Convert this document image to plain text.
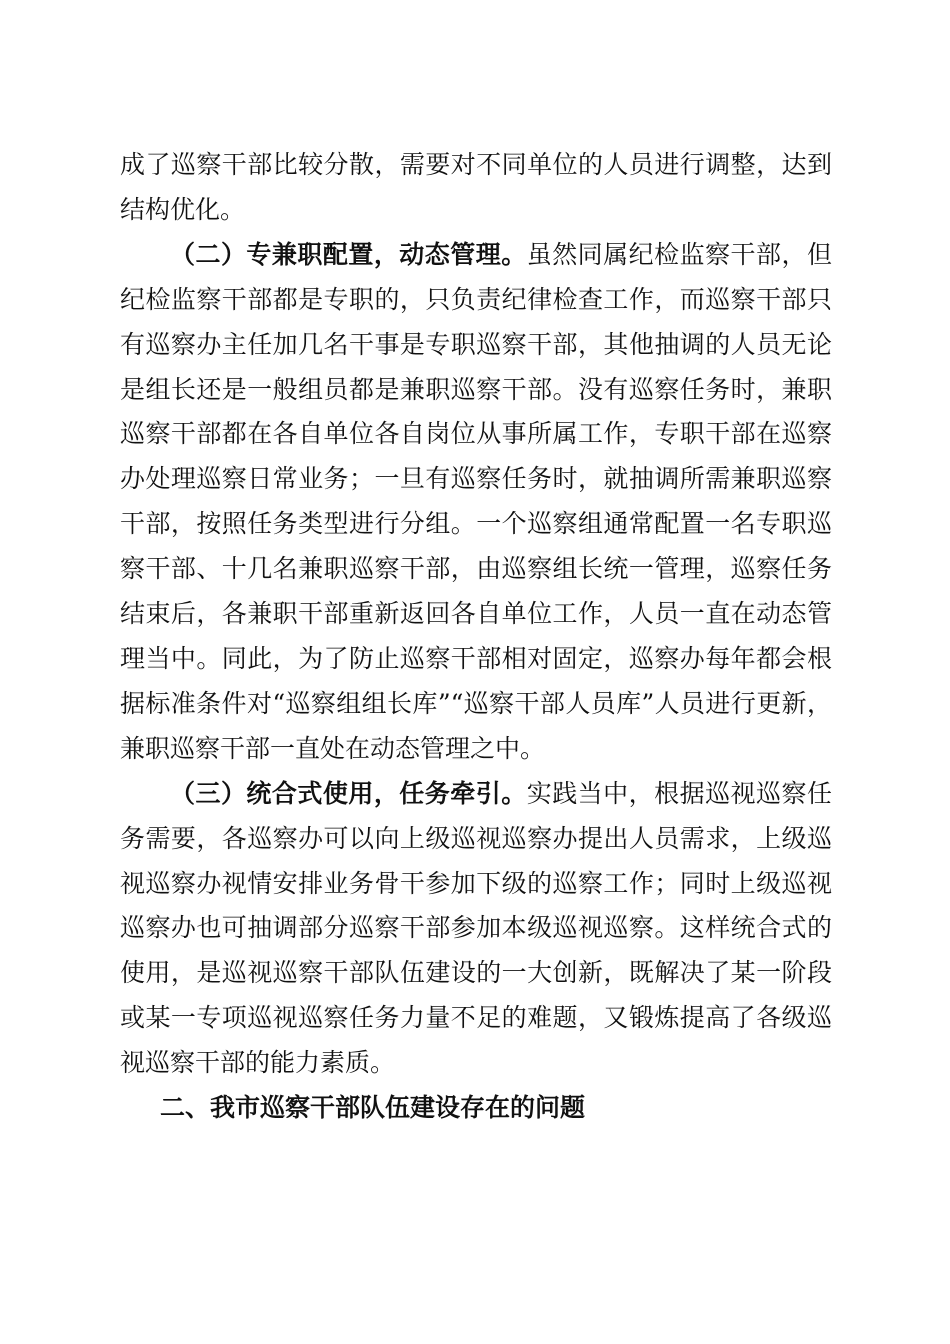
成了巡察干部比较分散，需要对不同单位的人员进行调整，达到结构优化。

（二）专兼职配置，动态管理。虽然同属纪检监察干部，但纪检监察干部都是专职的，只负责纪律检查工作，而巡察干部只有巡察办主任加几名干事是专职巡察干部，其他抽调的人员无论是组长还是一般组员都是兼职巡察干部。没有巡察任务时，兼职巡察干部都在各自单位各自岗位从事所属工作，专职干部在巡察办处理巡察日常业务；一旦有巡察任务时，就抽调所需兼职巡察干部，按照任务类型进行分组。一个巡察组通常配置一名专职巡察干部、十几名兼职巡察干部，由巡察组长统一管理，巡察任务结束后，各兼职干部重新返回各自单位工作，人员一直在动态管理当中。同此，为了防止巡察干部相对固定，巡察办每年都会根据标准条件对“巡察组组长库”“巡察干部人员库”人员进行更新，兼职巡察干部一直处在动态管理之中。

（三）统合式使用，任务牵引。实践当中，根据巡视巡察任务需要，各巡察办可以向上级巡视巡察办提出人员需求，上级巡视巡察办视情安排业务骨干参加下级的巡察工作；同时上级巡视巡察办也可抽调部分巡察干部参加本级巡视巡察。这样统合式的使用，是巡视巡察干部队伍建设的一大创新，既解决了某一阶段或某一专项巡视巡察任务力量不足的难题，又锻炼提高了各级巡视巡察干部的能力素质。

二、我市巡察干部队伍建设存在的问题
